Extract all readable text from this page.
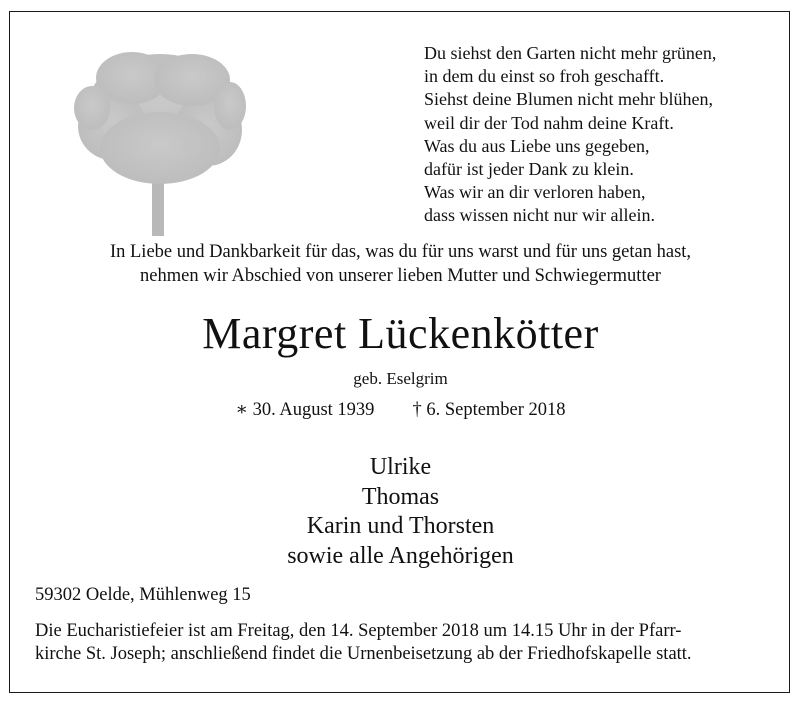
Du siehst den Garten nicht mehr grünen,
in dem du einst so froh geschafft.
Siehst deine Blumen nicht mehr blühen,
weil dir der Tod nahm deine Kraft.
Was du aus Liebe uns gegeben,
dafür ist jeder Dank zu klein.
Was wir an dir verloren haben,
dass wissen nicht nur wir allein.
In Liebe und Dankbarkeit für das, was du für uns warst und für uns getan hast,
nehmen wir Abschied von unserer lieben Mutter und Schwiegermutter
Margret Lückenkötter
geb. Eselgrim
∗ 30. August 1939 † 6. September 2018
Ulrike
Thomas
Karin und Thorsten
sowie alle Angehörigen
59302 Oelde, Mühlenweg 15
Die Eucharistiefeier ist am Freitag, den 14. September 2018 um 14.15 Uhr in der Pfarr-
kirche St. Joseph; anschließend findet die Urnenbeisetzung ab der Friedhofskapelle statt.
